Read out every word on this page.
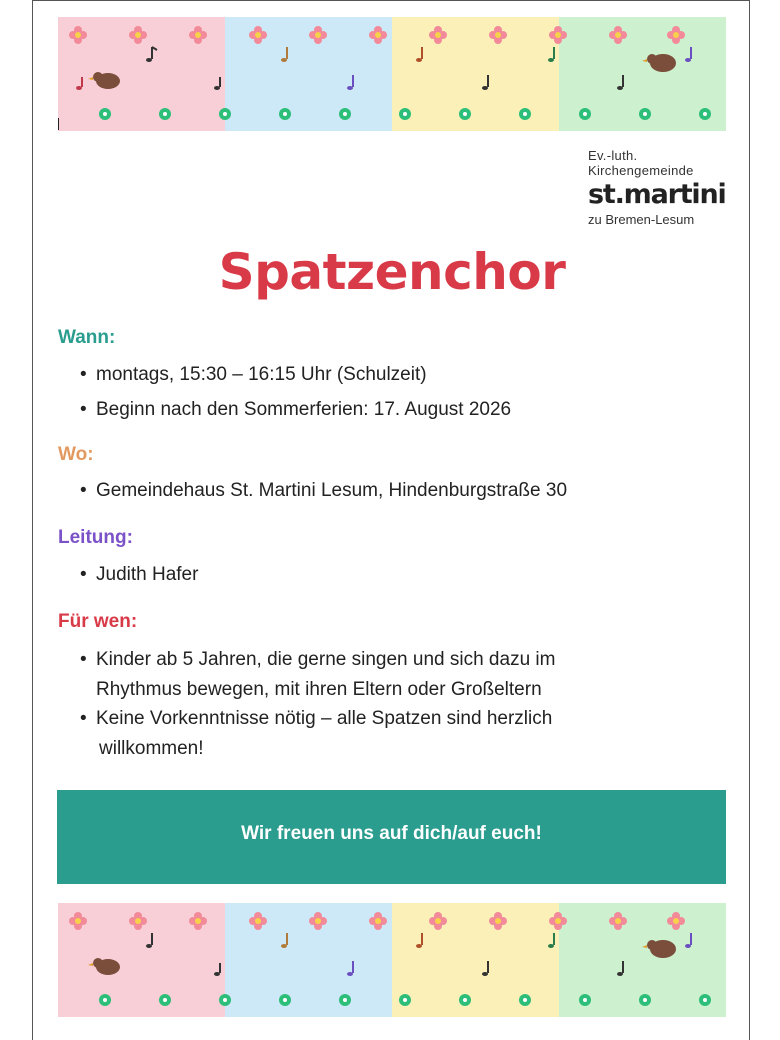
Ev.-luth.
Kirchengemeinde
st.martini
zu Bremen-Lesum
Spatzenchor
Wann:
• montags, 15:30 – 16:15 Uhr (Schulzeit)
• Beginn nach den Sommerferien: 17. August 2026
Wo:
• Gemeindehaus St. Martini Lesum, Hindenburgstraße 30
Leitung:
• Judith Hafer
Für wen:
• Kinder ab 5 Jahren, die gerne singen und sich dazu im
Rhythmus bewegen, mit ihren Eltern oder Großeltern
• Keine Vorkenntnisse nötig – alle Spatzen sind herzlich
willkommen!
Wir freuen uns auf dich/auf euch!
